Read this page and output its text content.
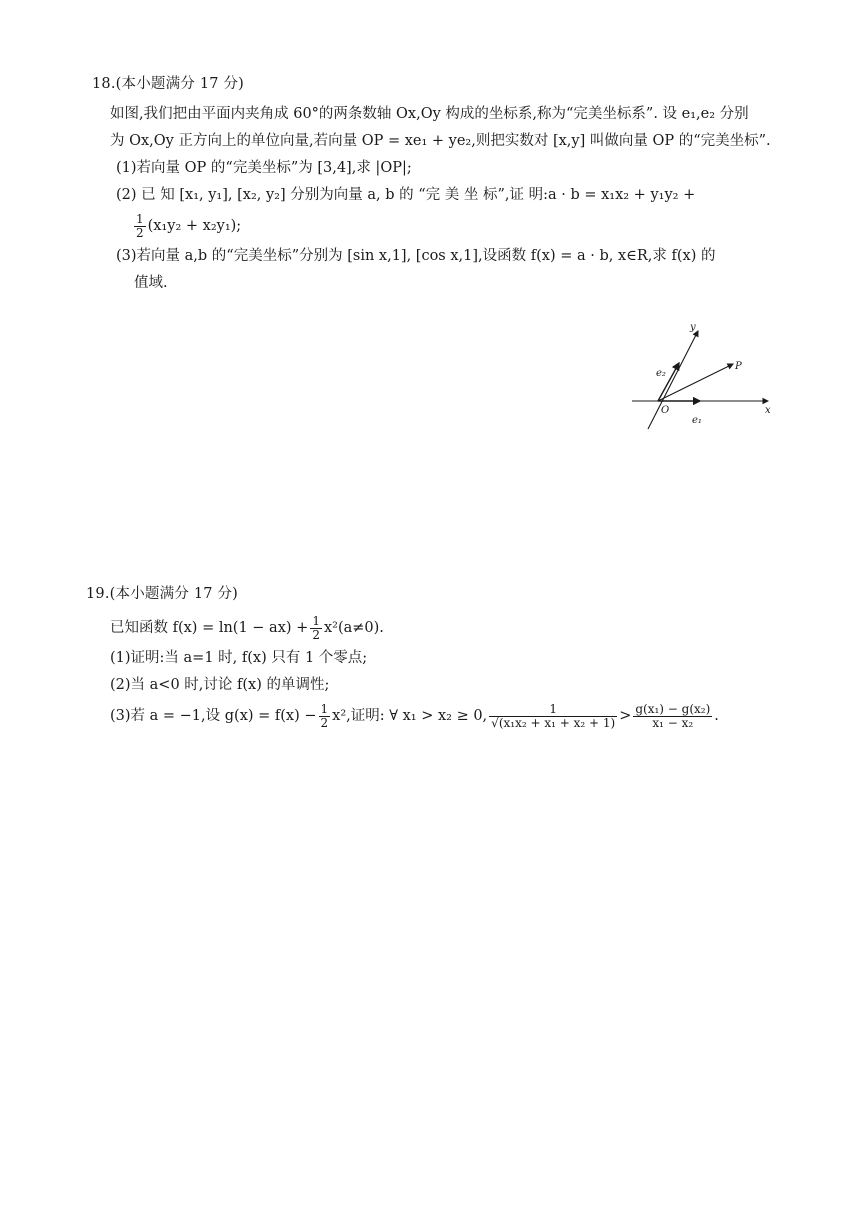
18.(本小题满分 17 分)
如图,我们把由平面内夹角成 60°的两条数轴 Ox,Oy 构成的坐标系,称为“完美坐标系”. 设 e₁,e₂ 分别
为 Ox,Oy 正方向上的单位向量,若向量 OP = xe₁ + ye₂,则把实数对 [x,y] 叫做向量 OP 的“完美坐标”.
(1)若向量 OP 的“完美坐标”为 [3,4],求 |OP|;
(2) 已 知 [x₁, y₁], [x₂, y₂] 分别为向量 a, b 的 “完 美 坐 标”,证 明:a · b = x₁x₂ + y₁y₂ +
$\frac{1}{2} (x_1y_2 + x_2y_1)$;
(3)若向量 a,b 的“完美坐标”分别为 [sin x,1], [cos x,1],设函数 f(x) = a · b, x∈R,求 f(x) 的
值域.
y
P
e₂
O
e₁
x
19.(本小题满分 17 分)
已知函数 $f(x) = \ln(1 - ax) + \frac{1}{2} x^2(a\ne 0)$.
(1)证明:当 a=1 时, f(x) 只有 1 个零点;
(2)当 a<0 时,讨论 f(x) 的单调性;
(3)若 a = −1,设 $g(x) = f(x) - \frac{1}{2} x^2$,证明: ∀ x₁ > x₂ ≥ 0, $\frac{1}{\text{√(x₁x₂ + x₁ + x₂ + 1)}} > \frac{\text{g(x₁) − g(x₂)}}{\text{x₁ − x₂}}$ .
